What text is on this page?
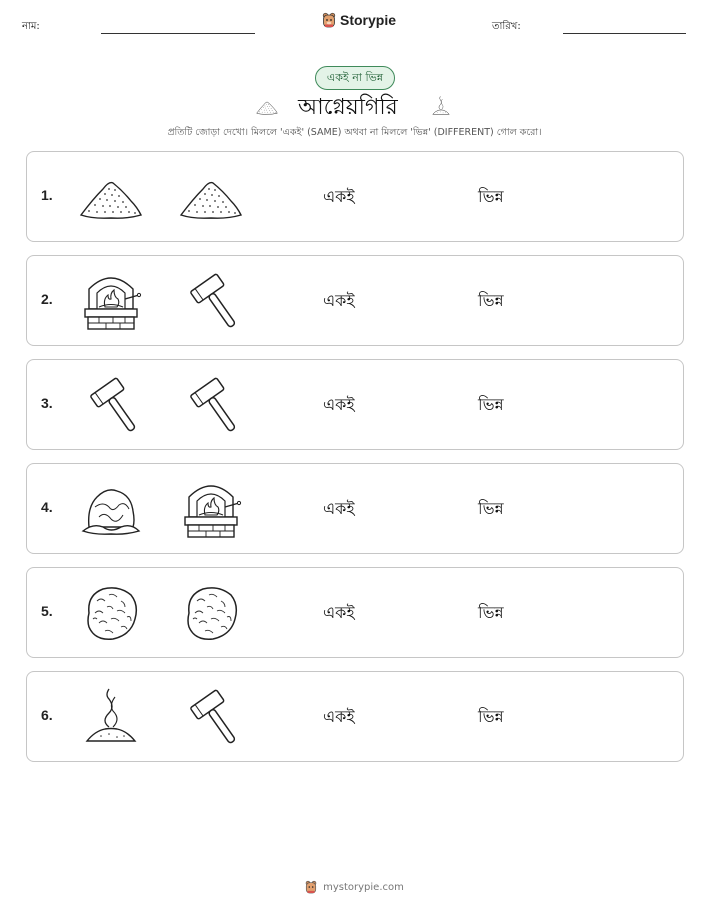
নাম:	Storypie	তারিখ:
একই না ভিন্ন
আগ্নেয়গিরি
প্রতিটি জোড়া দেখো। মিললে 'একই' (SAME) অথবা না মিললে 'ভিন্ন' (DIFFERENT) গোল করো।
1.	একই	ভিন্ন
2.	একই	ভিন্ন
3.	একই	ভিন্ন
4.	একই	ভিন্ন
5.	একই	ভিন্ন
6.	একই	ভিন্ন
mystorypie.com
